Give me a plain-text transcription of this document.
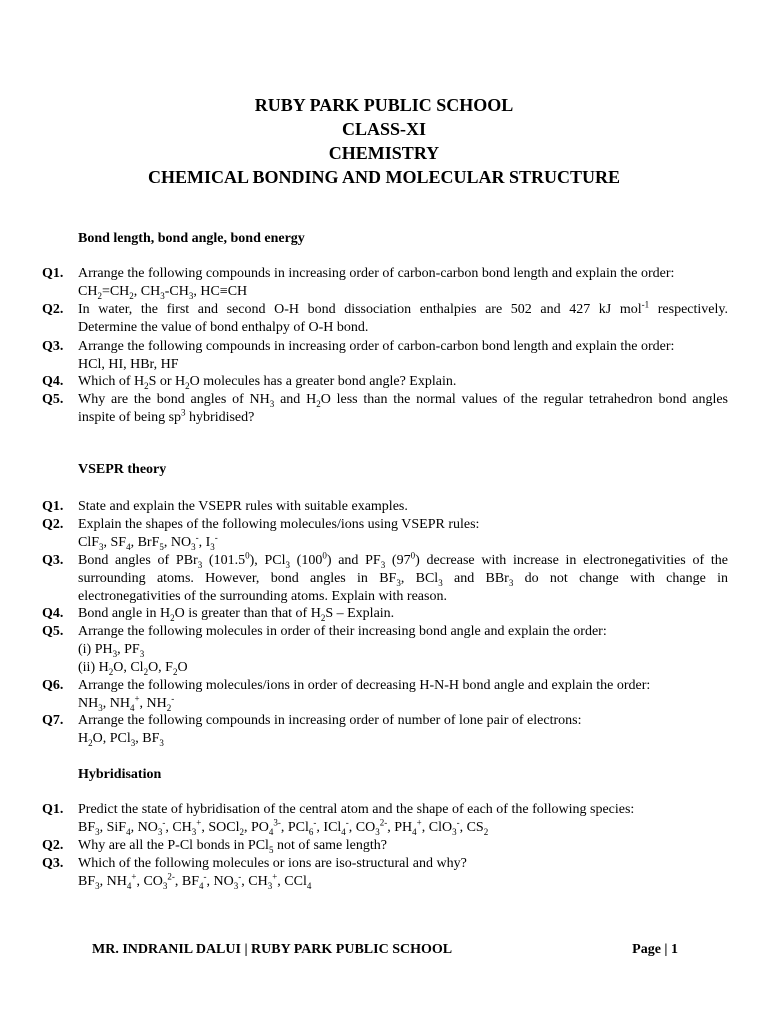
RUBY PARK PUBLIC SCHOOL
CLASS-XI
CHEMISTRY
CHEMICAL BONDING AND MOLECULAR STRUCTURE
Bond length, bond angle, bond energy
Q1. Arrange the following compounds in increasing order of carbon-carbon bond length and explain the order:
$CH_2=CH_2$, $CH_3-CH_3$, HC≡CH
Q2. In water, the first and second O-H bond dissociation enthalpies are 502 and 427 kJ mol$^{-1}$ respectively.
Determine the value of bond enthalpy of O-H bond.
Q3. Arrange the following compounds in increasing order of carbon-carbon bond length and explain the order:
HCl, HI, HBr, HF
Q4. Which of $H_2S$ or $H_2O$ molecules has a greater bond angle? Explain.
Q5. Why are the bond angles of $NH_3$ and $H_2O$ less than the normal values of the regular tetrahedron bond angles
inspite of being $sp^3$ hybridised?
VSEPR theory
Q1. State and explain the VSEPR rules with suitable examples.
Q2. Explain the shapes of the following molecules/ions using VSEPR rules:
ClF$_3$, $SF_4$, BrF$_5$, $NO_3^-$, $I_3^-$
Q3. Bond angles of PBr$_3$ (101.5$^0$), PCl$_3$ $(100^0)$ and $PF_3$ $(97^0)$ decrease with increase in electronegativities of the
surrounding atoms. However, bond angles in $BF_3$, BCl$_3$ and BBr$_3$ do not change with change in
electronegativities of the surrounding atoms. Explain with reason.
Q4. Bond angle in $H_2O$ is greater than that of $H_2S$ – Explain.
Q5. Arrange the following molecules in order of their increasing bond angle and explain the order:
(i) $PH_3$, $PF_3$
(ii) $H_2O$, $Cl_2O$, $F_2O$
Q6. Arrange the following molecules/ions in order of decreasing H-N-H bond angle and explain the order:
$NH_3$, $NH_4^+$, $NH_2^-$
Q7. Arrange the following compounds in increasing order of number of lone pair of electrons:
$H_2O$, PCl$_3$, $BF_3$
Hybridisation
Q1. Predict the state of hybridisation of the central atom and the shape of each of the following species:
$BF_3$, SiF$_4$, $NO_3^-$, $CH_3^+$, SOCl$_2$, $PO_4^{3-}$, PCl$_6$-, ICl$_4$-, $CO_3^{2-}$, $PH_4^+$, ClO$_3$-, $CS_2$
Q2. Why are all the P-Cl bonds in PCl$_5$ not of same length?
Q3. Which of the following molecules or ions are iso-structural and why?
$BF_3$, $NH_4^+$, $CO_3^{2-}$, $BF_4^-$, $NO_3^-$, $CH_3^+$, CCl$_4$
MR. INDRANIL DALUI | RUBY PARK PUBLIC SCHOOL	Page | 1
